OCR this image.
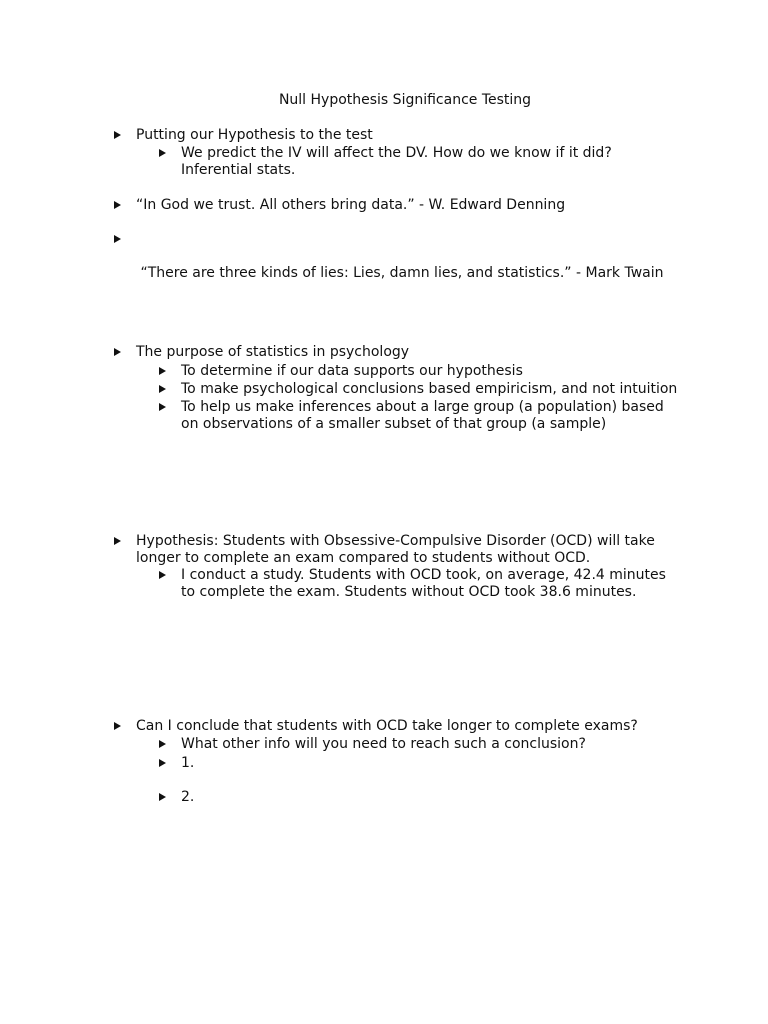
Null Hypothesis Significance Testing
Putting our Hypothesis to the test
We predict the IV will affect the DV. How do we know if it did?
Inferential stats.
“In God we trust. All others bring data.” - W. Edward Denning

“There are three kinds of lies: Lies, damn lies, and statistics.” - Mark Twain

The purpose of statistics in psychology
To determine if our data supports our hypothesis
To make psychological conclusions based empiricism, and not intuition
To help us make inferences about a large group (a population) based
on observations of a smaller subset of that group (a sample)
Hypothesis: Students with Obsessive-Compulsive Disorder (OCD) will take
longer to complete an exam compared to students without OCD.
I conduct a study. Students with OCD took, on average, 42.4 minutes
to complete the exam. Students without OCD took 38.6 minutes.
Can I conclude that students with OCD take longer to complete exams?
What other info will you need to reach such a conclusion?
1.
2.
